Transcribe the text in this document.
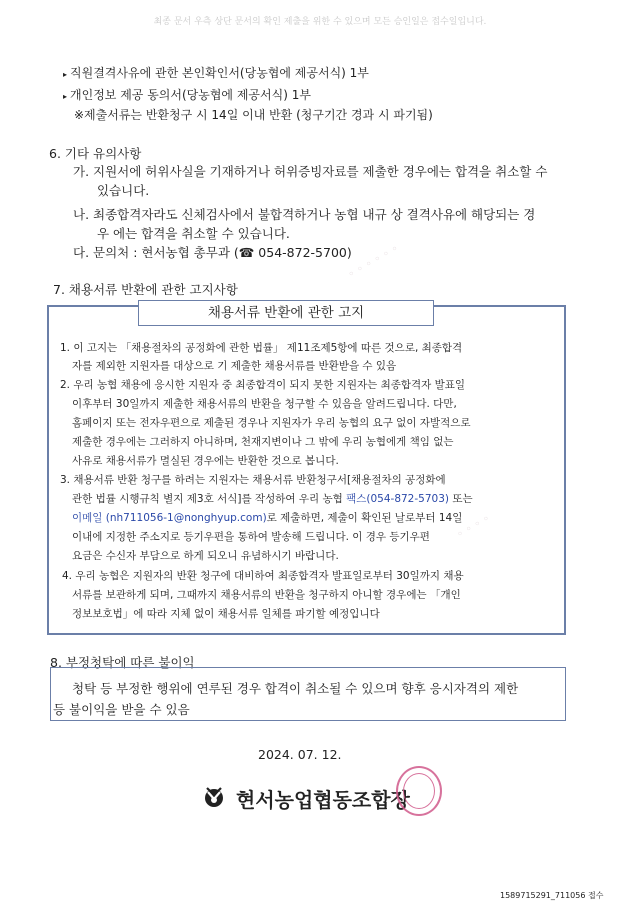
최종 문서 우측 상단 문서의 확인 제출을 위한 수 있으며 모든 승인일은 접수일입니다.
▸ 직원결격사유에 관한 본인확인서(당농협에 제공서식) 1부
▸ 개인정보 제공 동의서(당농협에 제공서식) 1부
※제출서류는 반환청구 시 14일 이내 반환 (청구기간 경과 시 파기됨)
6. 기타 유의사항
가. 지원서에 허위사실을 기재하거나 허위증빙자료를 제출한 경우에는 합격을 취소할 수
있습니다.
나. 최종합격자라도 신체검사에서 불합격하거나 농협 내규 상 결격사유에 해당되는 경
우 에는 합격을 취소할 수 있습니다.
다. 문의처 : 현서농협 총무과 (☎ 054-872-5700)
7. 채용서류 반환에 관한 고지사항
채용서류 반환에 관한 고지
1. 이 고지는 「채용절차의 공정화에 관한 법률」 제11조제5항에 따른 것으로, 최종합격
자를 제외한 지원자를 대상으로 기 제출한 채용서류를 반환받을 수 있음
2. 우리 농협 채용에 응시한 지원자 중 최종합격이 되지 못한 지원자는 최종합격자 발표일
이후부터 30일까지 제출한 채용서류의 반환을 청구할 수 있음을 알려드립니다. 다만,
홈페이지 또는 전자우편으로 제출된 경우나 지원자가 우리 농협의 요구 없이 자발적으로
제출한 경우에는 그러하지 아니하며, 천재지변이나 그 밖에 우리 농협에게 책임 없는
사유로 채용서류가 멸실된 경우에는 반환한 것으로 봅니다.
3. 채용서류 반환 청구를 하려는 지원자는 채용서류 반환청구서[채용절차의 공정화에
관한 법률 시행규칙 별지 제3호 서식]를 작성하여 우리 농협 팩스(054-872-5703) 또는
이메일 (nh711056-1@nonghyup.com)로 제출하면, 제출이 확인된 날로부터 14일
이내에 지정한 주소지로 등기우편을 통하여 발송해 드립니다. 이 경우 등기우편
요금은 수신자 부담으로 하게 되오니 유념하시기 바랍니다.
4. 우리 농협은 지원자의 반환 청구에 대비하여 최종합격자 발표일로부터 30일까지 채용
서류를 보관하게 되며, 그때까지 채용서류의 반환을 청구하지 아니할 경우에는 「개인
정보보호법」에 따라 지체 없이 채용서류 일체를 파기할 예정입니다
◦ ◦ ◦ ◦ ◦ ◦
◦ ◦ ◦ ◦
8. 부정청탁에 따른 불이익
청탁 등 부정한 행위에 연루된 경우 합격이 취소될 수 있으며 향후 응시자격의 제한
등 불이익을 받을 수 있음
2024. 07. 12.
현서농업협동조합장
1589715291_711056 접수
